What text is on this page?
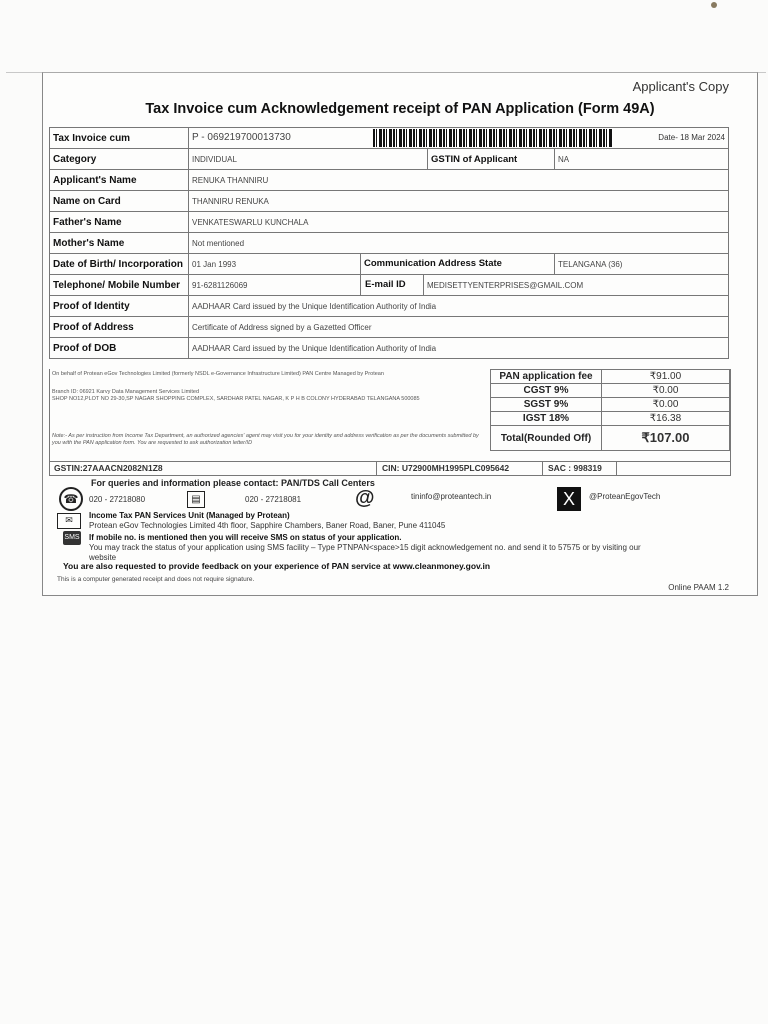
Applicant's Copy
Tax Invoice cum Acknowledgement receipt of PAN Application (Form 49A)
Tax Invoice cum	P - 069219700013730 Date- 18 Mar 2024		

Category	INDIVIDUAL	GSTIN of Applicant	NA
Applicant's Name	RENUKA THANNIRU		
Name on Card	THANNIRU RENUKA		
Father's Name	VENKATESWARLU KUNCHALA		
Mother's Name	Not mentioned		
Date of Birth/ Incorporation	01 Jan 1993 Communication Address State		TELANGANA (36)
Telephone/ Mobile Number	91-6281126069 E-mail ID MEDISETTYENTERPRISES@GMAIL.COM		

Proof of Identity	AADHAAR Card issued by the Unique Identification Authority of India		
Proof of Address	Certificate of Address signed by a Gazetted Officer		
Proof of DOB	AADHAAR Card issued by the Unique Identification Authority of India		
On behalf of Protean eGov Technologies Limited (formerly NSDL e-Governance Infrastructure Limited) PAN Centre Managed by Protean
Branch ID: 06921 Karvy Data Management Services Limited
SHOP NO12,PLOT NO 29-30,SP NAGAR SHOPPING COMPLEX, SARDHAR PATEL NAGAR, K P H B COLONY HYDERABAD TELANGANA 500085
Note:- As per instruction from Income Tax Department, an authorized agencies' agent may visit you for your identity and address verification as per the documents submitted by you with the PAN application form. You are requested to ask authorization letter/ID
PAN application fee	₹91.00
CGST 9%	₹0.00
SGST 9%	₹0.00
IGST 18%	₹16.38
Total(Rounded Off)	₹107.00
GSTIN:27AAACN2082N1Z8	CIN: U72900MH1995PLC095642	SAC : 998319
For queries and information please contact: PAN/TDS Call Centers
☎	020 - 27218080	▤	020 - 27218081	@	tininfo@proteantech.in	X	@ProteanEgovTech
✉	Income Tax PAN Services Unit (Managed by Protean)
Protean eGov Technologies Limited 4th floor, Sapphire Chambers, Baner Road, Baner, Pune 411045
SMS If mobile no. is mentioned then you will receive SMS on status of your application.
You may track the status of your application using SMS facility – Type PTNPAN<space>15 digit acknowledgement no. and send it to 57575 or by visiting our
website
You are also requested to provide feedback on your experience of PAN service at www.cleanmoney.gov.in
This is a computer generated receipt and does not require signature.
Online PAAM 1.2
